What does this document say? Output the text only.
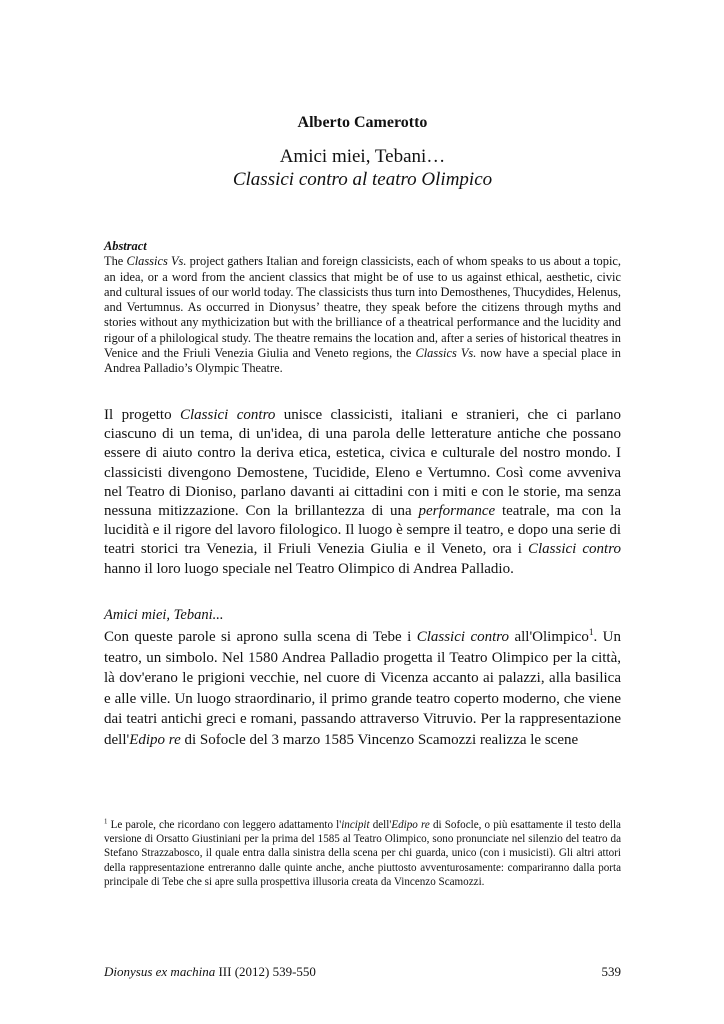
Alberto Camerotto
Amici miei, Tebani…
Classici contro al teatro Olimpico
Abstract
The Classics Vs. project gathers Italian and foreign classicists, each of whom speaks to us about a topic, an idea, or a word from the ancient classics that might be of use to us against ethical, aesthetic, civic and cultural issues of our world today. The classicists thus turn into Demosthenes, Thucydides, Helenus, and Vertumnus. As occurred in Dionysus’ theatre, they speak before the citizens through myths and stories without any mythicization but with the brilliance of a theatrical performance and the lucidity and rigour of a philological study. The theatre remains the location and, after a series of historical theatres in Venice and the Friuli Venezia Giulia and Veneto regions, the Classics Vs. now have a special place in Andrea Palladio’s Olympic Theatre.
Il progetto Classici contro unisce classicisti, italiani e stranieri, che ci parlano ciascuno di un tema, di un'idea, di una parola delle letterature antiche che possano essere di aiuto contro la deriva etica, estetica, civica e culturale del nostro mondo. I classicisti divengono Demostene, Tucidide, Eleno e Vertumno. Così come avveniva nel Teatro di Dioniso, parlano davanti ai cittadini con i miti e con le storie, ma senza nessuna mitizzazione. Con la brillantezza di una performance teatrale, ma con la lucidità e il rigore del lavoro filologico. Il luogo è sempre il teatro, e dopo una serie di teatri storici tra Venezia, il Friuli Venezia Giulia e il Veneto, ora i Classici contro hanno il loro luogo speciale nel Teatro Olimpico di Andrea Palladio.
Amici miei, Tebani...
Con queste parole si aprono sulla scena di Tebe i Classici contro all'Olimpico$^1$. Un teatro, un simbolo. Nel 1580 Andrea Palladio progetta il Teatro Olimpico per la città, là dov'erano le prigioni vecchie, nel cuore di Vicenza accanto ai palazzi, alla basilica e alle ville. Un luogo straordinario, il primo grande teatro coperto moderno, che viene dai teatri antichi greci e romani, passando attraverso Vitruvio. Per la rappresentazione dell'Edipo re di Sofocle del 3 marzo 1585 Vincenzo Scamozzi realizza le scene
$^1$ Le parole, che ricordano con leggero adattamento l'incipit dell'Edipo re di Sofocle, o più esattamente il testo della versione di Orsatto Giustiniani per la prima del 1585 al Teatro Olimpico, sono pronunciate nel silenzio del teatro da Stefano Strazzabosco, il quale entra dalla sinistra della scena per chi guarda, unico (con i musicisti). Gli altri attori della rappresentazione entreranno dalle quinte anche, anche piuttosto avventurosamente: compariranno dalla porta principale di Tebe che si apre sulla prospettiva illusoria creata da Vincenzo Scamozzi.
Dionysus ex machina III (2012) 539-550	539
